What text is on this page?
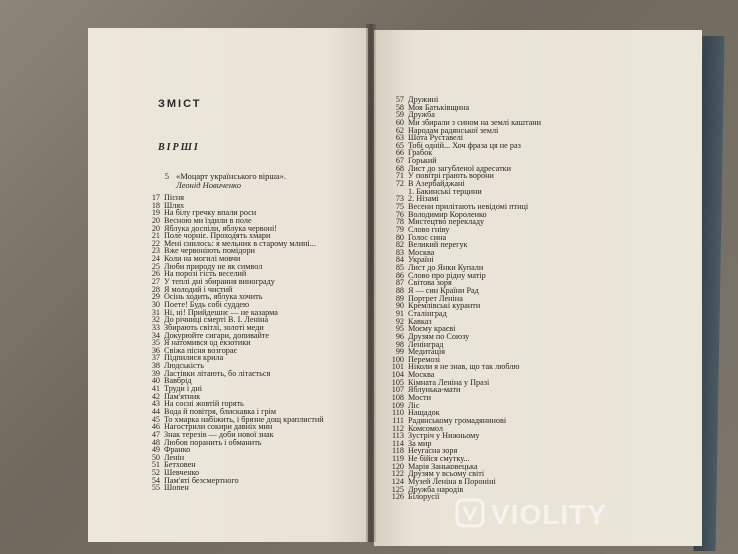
ЗМІСТ
ВІРШІ
5 «Моцарт українського вірша».
Леонід Новиченко
17 Пісня
18 Шлях
19 На білу гречку впали роси
20 Весною ми їздили в поле
20 Яблука доспіли, яблука червоні!
21 Поле чорніє. Проходять хмари
22 Мені снилось: я мельник в старому млині...
23 Вже червоніють помідори
24 Коли на могилі мовчи
25 Люби природу не як символ
26 На порозі гість веселий
27 У теплі дні збирання винограду
28 Я молодий і чистий
29 Осінь ходить, яблука хочить
30 Поете! Будь собі суддею
31 Ні, ні! Прийдешнє — не казарма
32 До річниці смерті В. І. Леніна
33 Збирають світлі, золоті меди
34 Докурюйте сигари, допивайте
35 Я натомився од екзотики
36 Свіжа пісня возгорає
37 Підпилися крила
38 Людськість
39 Ластівки літають, бо літається
40 Вавбрід
41 Труди і дні
42 Пам'ятник
43 На сосні жовтій горять
44 Вода й повітря, блискавка і грім
45 То хмарка набіжить, і брязне дощ краплистий
46 Нагострили сокири давніх мин
47 Знак терезів — доби нової знак
48 Любов поранить і обманить
49 Франко
50 Ленін
51 Бетховен
52 Шевченко
54 Пам'яті безсмертного
55 Шопен
57 Дружині
58 Моя Батьківщина
59 Дружба
60 Ми збирали з сином на землі каштани
62 Народам радянської землі
63 Шота Руставелі
65 Тобі одній... Хоч фраза ця не раз
66 Грабок
67 Горький
68 Лист до загубленої адресатки
71 У повітрі грають ворони
72 В Азербайджані
1. Бакинські терцини
73 2. Нізамі
75 Весени прилітають невідомі птиці
76 Володимир Короленко
78 Мистецтво перекладу
79 Слово гніву
80 Голос сина
82 Великий перегук
83 Москва
84 Україні
85 Лист до Янки Купали
86 Слово про рідну матір
87 Світова зоря
88 Я — син Країни Рад
89 Портрет Леніна
90 Кремлівські куранти
91 Сталінград
92 Кавказ
95 Моєму краєві
96 Друзям по Союзу
98 Ленінград
99 Медитація
100 Перемозі
101 Ніколи я не знав, що так люблю
104 Москва
105 Кімната Леніна у Празі
107 Яблунька-мати
108 Мости
109 Ліс
110 Нащадок
111 Радянському громадянинові
112 Комсомол
113 Зустріч у Нижньому
114 За мир
118 Неугасна зоря
119 Не бійся смутку...
120 Марія Заньковецька
122 Друзям у всьому світі
124 Музей Леніна в Пороніні
125 Дружба народів
126 Білорусії
VIOLITY
